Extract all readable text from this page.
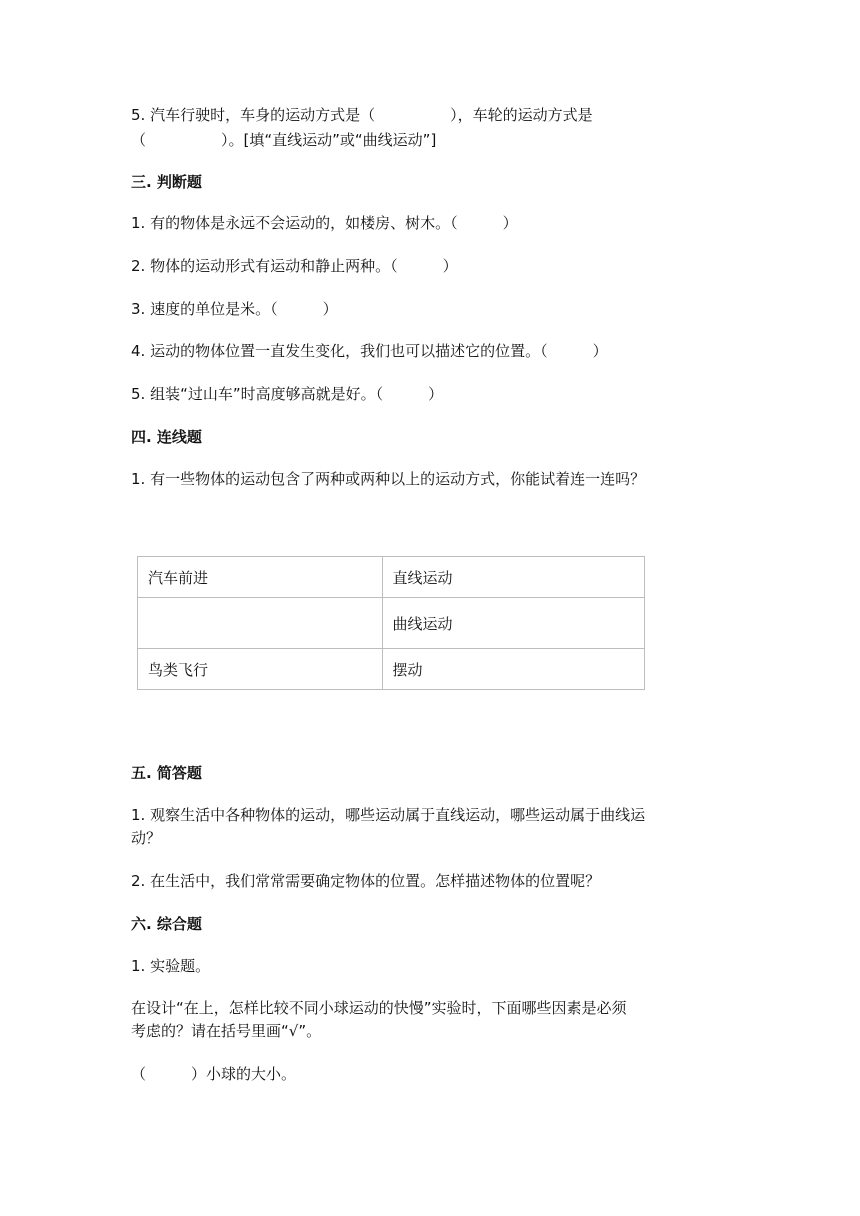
5. 汽车行驶时，车身的运动方式是（　　　　　），车轮的运动方式是
（　　　　　）。[填“直线运动”或“曲线运动”]
三. 判断题
1. 有的物体是永远不会运动的，如楼房、树木。（　　　）
2. 物体的运动形式有运动和静止两种。（　　　）
3. 速度的单位是米。（　　　）
4. 运动的物体位置一直发生变化，我们也可以描述它的位置。（　　　）
5. 组装“过山车”时高度够高就是好。（　　　）
四. 连线题
1. 有一些物体的运动包含了两种或两种以上的运动方式，你能试着连一连吗？
汽车前进	直线运动
	曲线运动
鸟类飞行	摆动
五. 简答题
1. 观察生活中各种物体的运动，哪些运动属于直线运动，哪些运动属于曲线运
动？
2. 在生活中，我们常常需要确定物体的位置。怎样描述物体的位置呢？
六. 综合题
1. 实验题。
在设计“在上，怎样比较不同小球运动的快慢”实验时，下面哪些因素是必须
考虑的？请在括号里画“√”。
（　　　）小球的大小。
